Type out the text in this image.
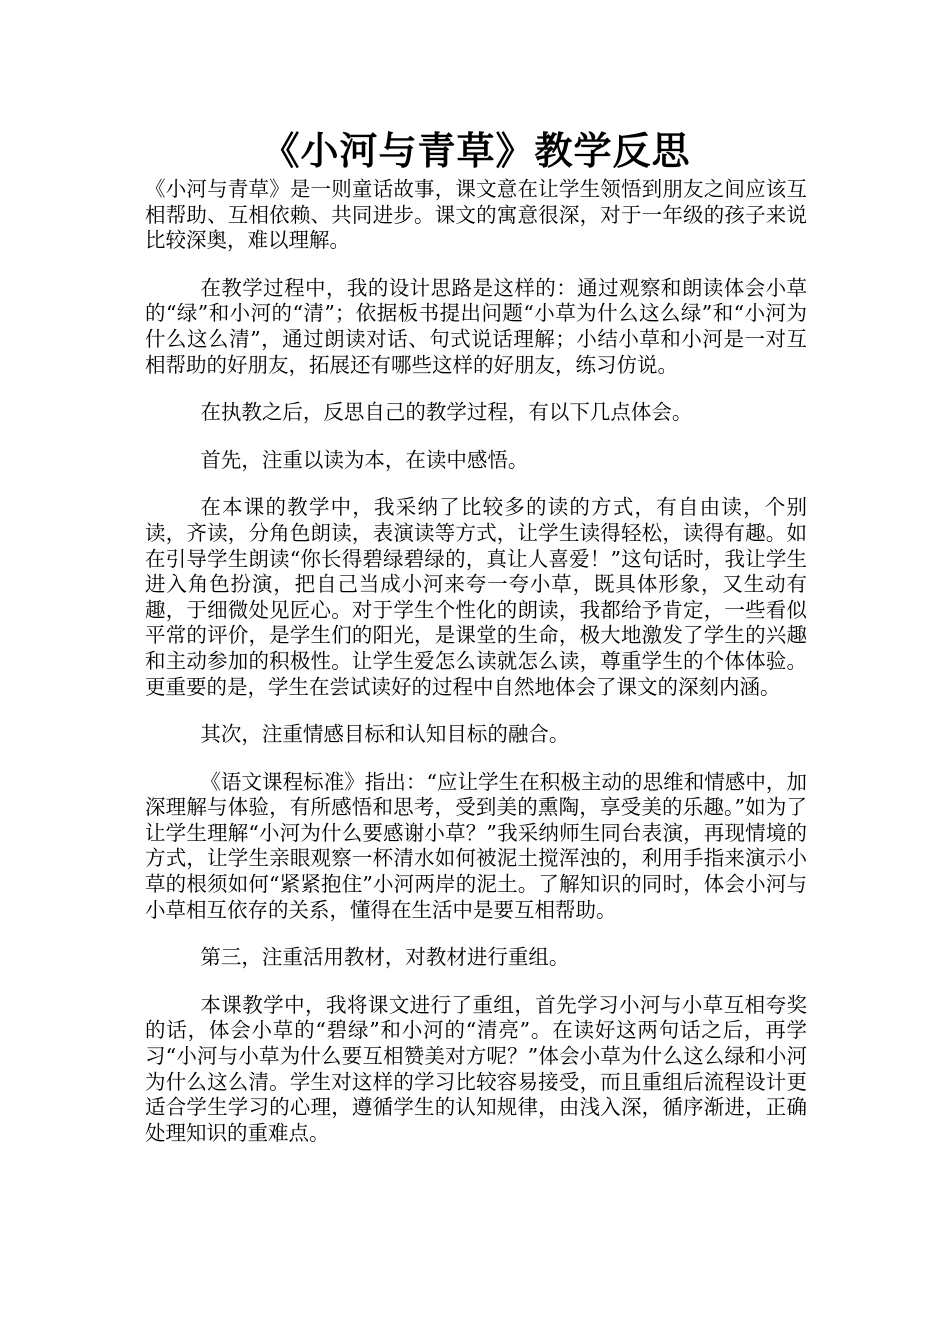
《小河与青草》教学反思

《小河与青草》是一则童话故事，课文意在让学生领悟到朋友之间应该互相帮助、互相依赖、共同进步。课文的寓意很深，对于一年级的孩子来说比较深奥，难以理解。

在教学过程中，我的设计思路是这样的：通过观察和朗读体会小草的“绿”和小河的“清”；依据板书提出问题“小草为什么这么绿”和“小河为什么这么清”，通过朗读对话、句式说话理解；小结小草和小河是一对互相帮助的好朋友，拓展还有哪些这样的好朋友，练习仿说。

在执教之后，反思自己的教学过程，有以下几点体会。

首先，注重以读为本，在读中感悟。

在本课的教学中，我采纳了比较多的读的方式，有自由读，个别读，齐读，分角色朗读，表演读等方式，让学生读得轻松，读得有趣。如在引导学生朗读“你长得碧绿碧绿的，真让人喜爱！”这句话时，我让学生进入角色扮演，把自己当成小河来夸一夸小草，既具体形象，又生动有趣，于细微处见匠心。对于学生个性化的朗读，我都给予肯定，一些看似平常的评价，是学生们的阳光，是课堂的生命，极大地激发了学生的兴趣和主动参加的积极性。让学生爱怎么读就怎么读，尊重学生的个体体验。更重要的是，学生在尝试读好的过程中自然地体会了课文的深刻内涵。

其次，注重情感目标和认知目标的融合。

《语文课程标准》指出：“应让学生在积极主动的思维和情感中，加深理解与体验，有所感悟和思考，受到美的熏陶，享受美的乐趣。”如为了让学生理解“小河为什么要感谢小草？”我采纳师生同台表演，再现情境的方式，让学生亲眼观察一杯清水如何被泥土搅浑浊的，利用手指来演示小草的根须如何“紧紧抱住”小河两岸的泥土。了解知识的同时，体会小河与小草相互依存的关系，懂得在生活中是要互相帮助。

第三，注重活用教材，对教材进行重组。

本课教学中，我将课文进行了重组，首先学习小河与小草互相夸奖的话，体会小草的“碧绿”和小河的“清亮”。在读好这两句话之后，再学习“小河与小草为什么要互相赞美对方呢？”体会小草为什么这么绿和小河为什么这么清。学生对这样的学习比较容易接受，而且重组后流程设计更适合学生学习的心理，遵循学生的认知规律，由浅入深，循序渐进，正确处理知识的重难点。
